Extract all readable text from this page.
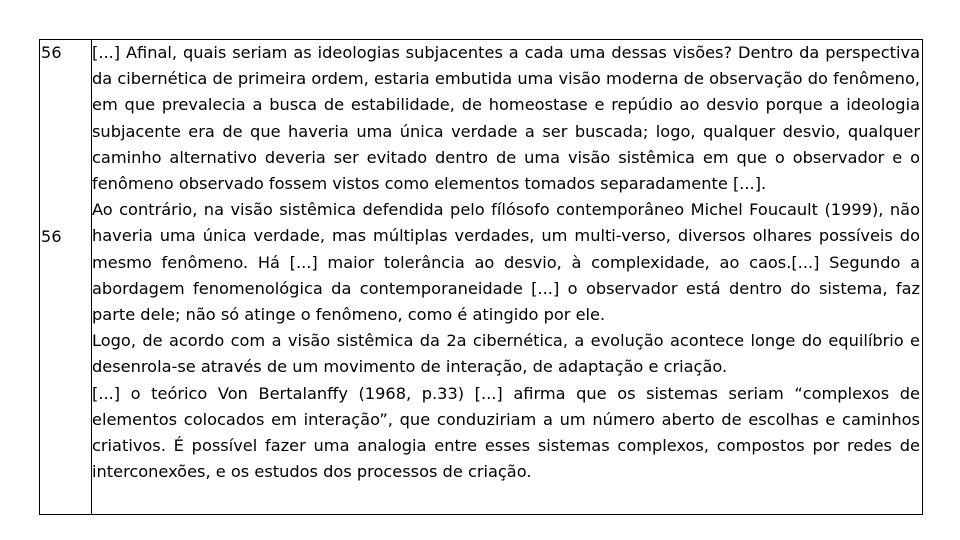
56
56

[...] Afinal, quais seriam as ideologias subjacentes a cada uma dessas visões? Dentro da perspectiva da cibernética de primeira ordem, estaria embutida uma visão moderna de observação do fenômeno, em que prevalecia a busca de estabilidade, de homeostase e repúdio ao desvio porque a ideologia subjacente era de que haveria uma única verdade a ser buscada; logo, qualquer desvio, qualquer caminho alternativo deveria ser evitado dentro de uma visão sistêmica em que o observador e o fenômeno observado fossem vistos como elementos tomados separadamente [...].

Ao contrário, na visão sistêmica defendida pelo fílósofo contemporâneo Michel Foucault (1999), não haveria uma única verdade, mas múltiplas verdades, um multi-verso, diversos olhares possíveis do mesmo fenômeno. Há [...] maior tolerância ao desvio, à complexidade, ao caos.[...] Segundo a abordagem fenomenológica da contemporaneidade [...] o observador está dentro do sistema, faz parte dele; não só atinge o fenômeno, como é atingido por ele.

Logo, de acordo com a visão sistêmica da 2a cibernética, a evolução acontece longe do equilíbrio e desenrola-se através de um movimento de interação, de adaptação e criação.

[...] o teórico Von Bertalanffy (1968, p.33) [...] afirma que os sistemas seriam “complexos de elementos colocados em interação”, que conduziriam a um número aberto de escolhas e caminhos criativos. É possível fazer uma analogia entre esses sistemas complexos, compostos por redes de interconexões, e os estudos dos processos de criação.
